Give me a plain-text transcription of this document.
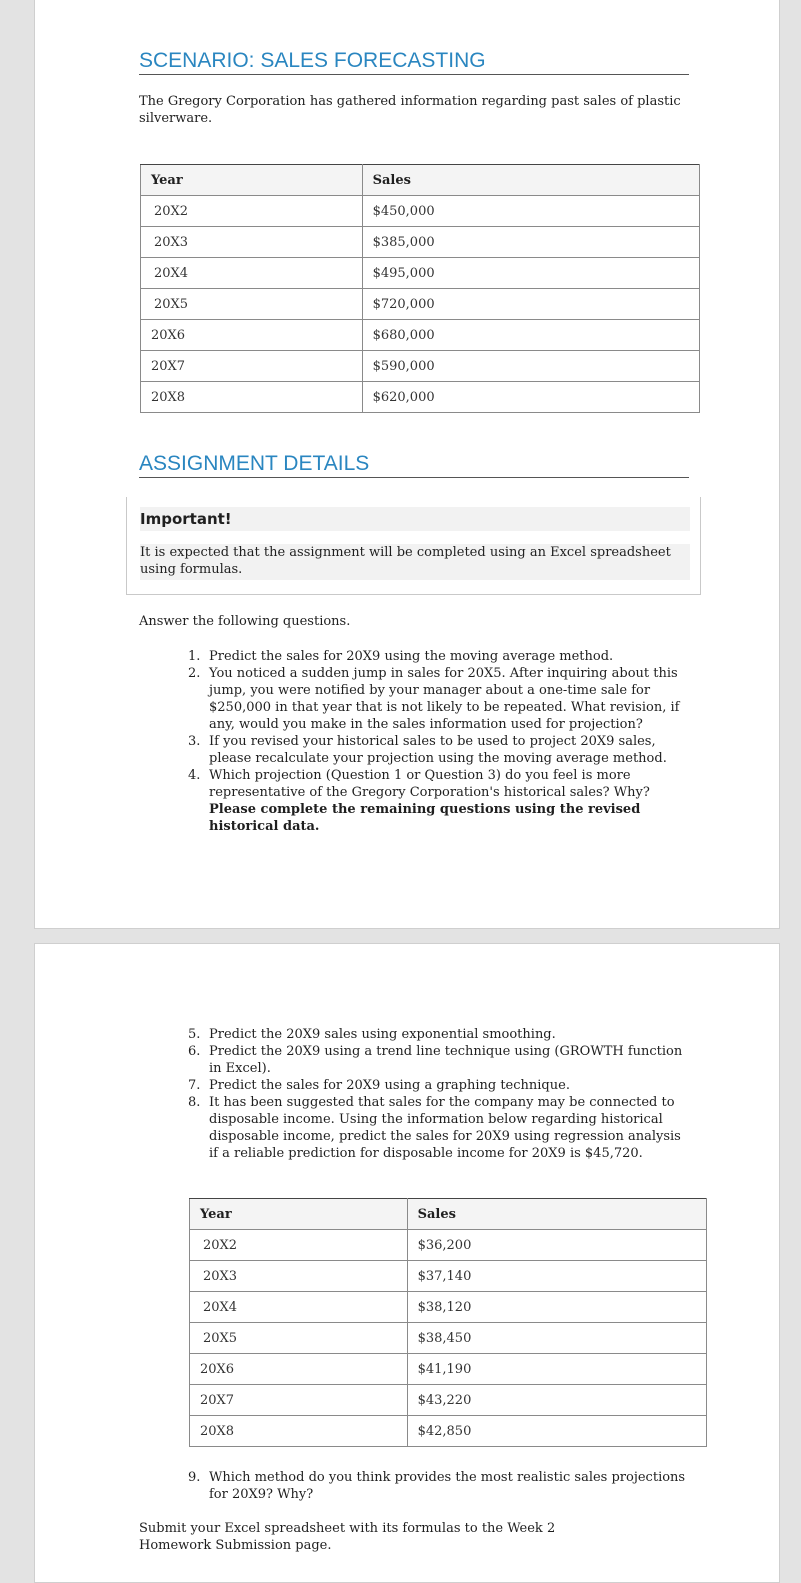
SCENARIO: SALES FORECASTING

The Gregory Corporation has gathered information regarding past sales of plastic silverware.

Year	Sales
20X2	$450,000
20X3	$385,000
20X4	$495,000
20X5	$720,000
20X6	$680,000
20X7	$590,000
20X8	$620,000
ASSIGNMENT DETAILS

Important!

It is expected that the assignment will be completed using an Excel spreadsheet using formulas.

Answer the following questions.

1. Predict the sales for 20X9 using the moving average method.
2. You noticed a sudden jump in sales for 20X5. After inquiring about this jump, you were notified by your manager about a one-time sale for $250,000 in that year that is not likely to be repeated. What revision, if any, would you make in the sales information used for projection?
3. If you revised your historical sales to be used to project 20X9 sales, please recalculate your projection using the moving average method.
4. Which projection (Question 1 or Question 3) do you feel is more representative of the Gregory Corporation's historical sales? Why?
Please complete the remaining questions using the revised historical data.
5. Predict the 20X9 sales using exponential smoothing.
6. Predict the 20X9 using a trend line technique using (GROWTH function in Excel).
7. Predict the sales for 20X9 using a graphing technique.
8. It has been suggested that sales for the company may be connected to disposable income. Using the information below regarding historical disposable income, predict the sales for 20X9 using regression analysis if a reliable prediction for disposable income for 20X9 is $45,720.
Year	Sales
20X2	$36,200
20X3	$37,140
20X4	$38,120
20X5	$38,450
20X6	$41,190
20X7	$43,220
20X8	$42,850
9. Which method do you think provides the most realistic sales projections for 20X9? Why?

Submit your Excel spreadsheet with its formulas to the Week 2 Homework Submission page.
